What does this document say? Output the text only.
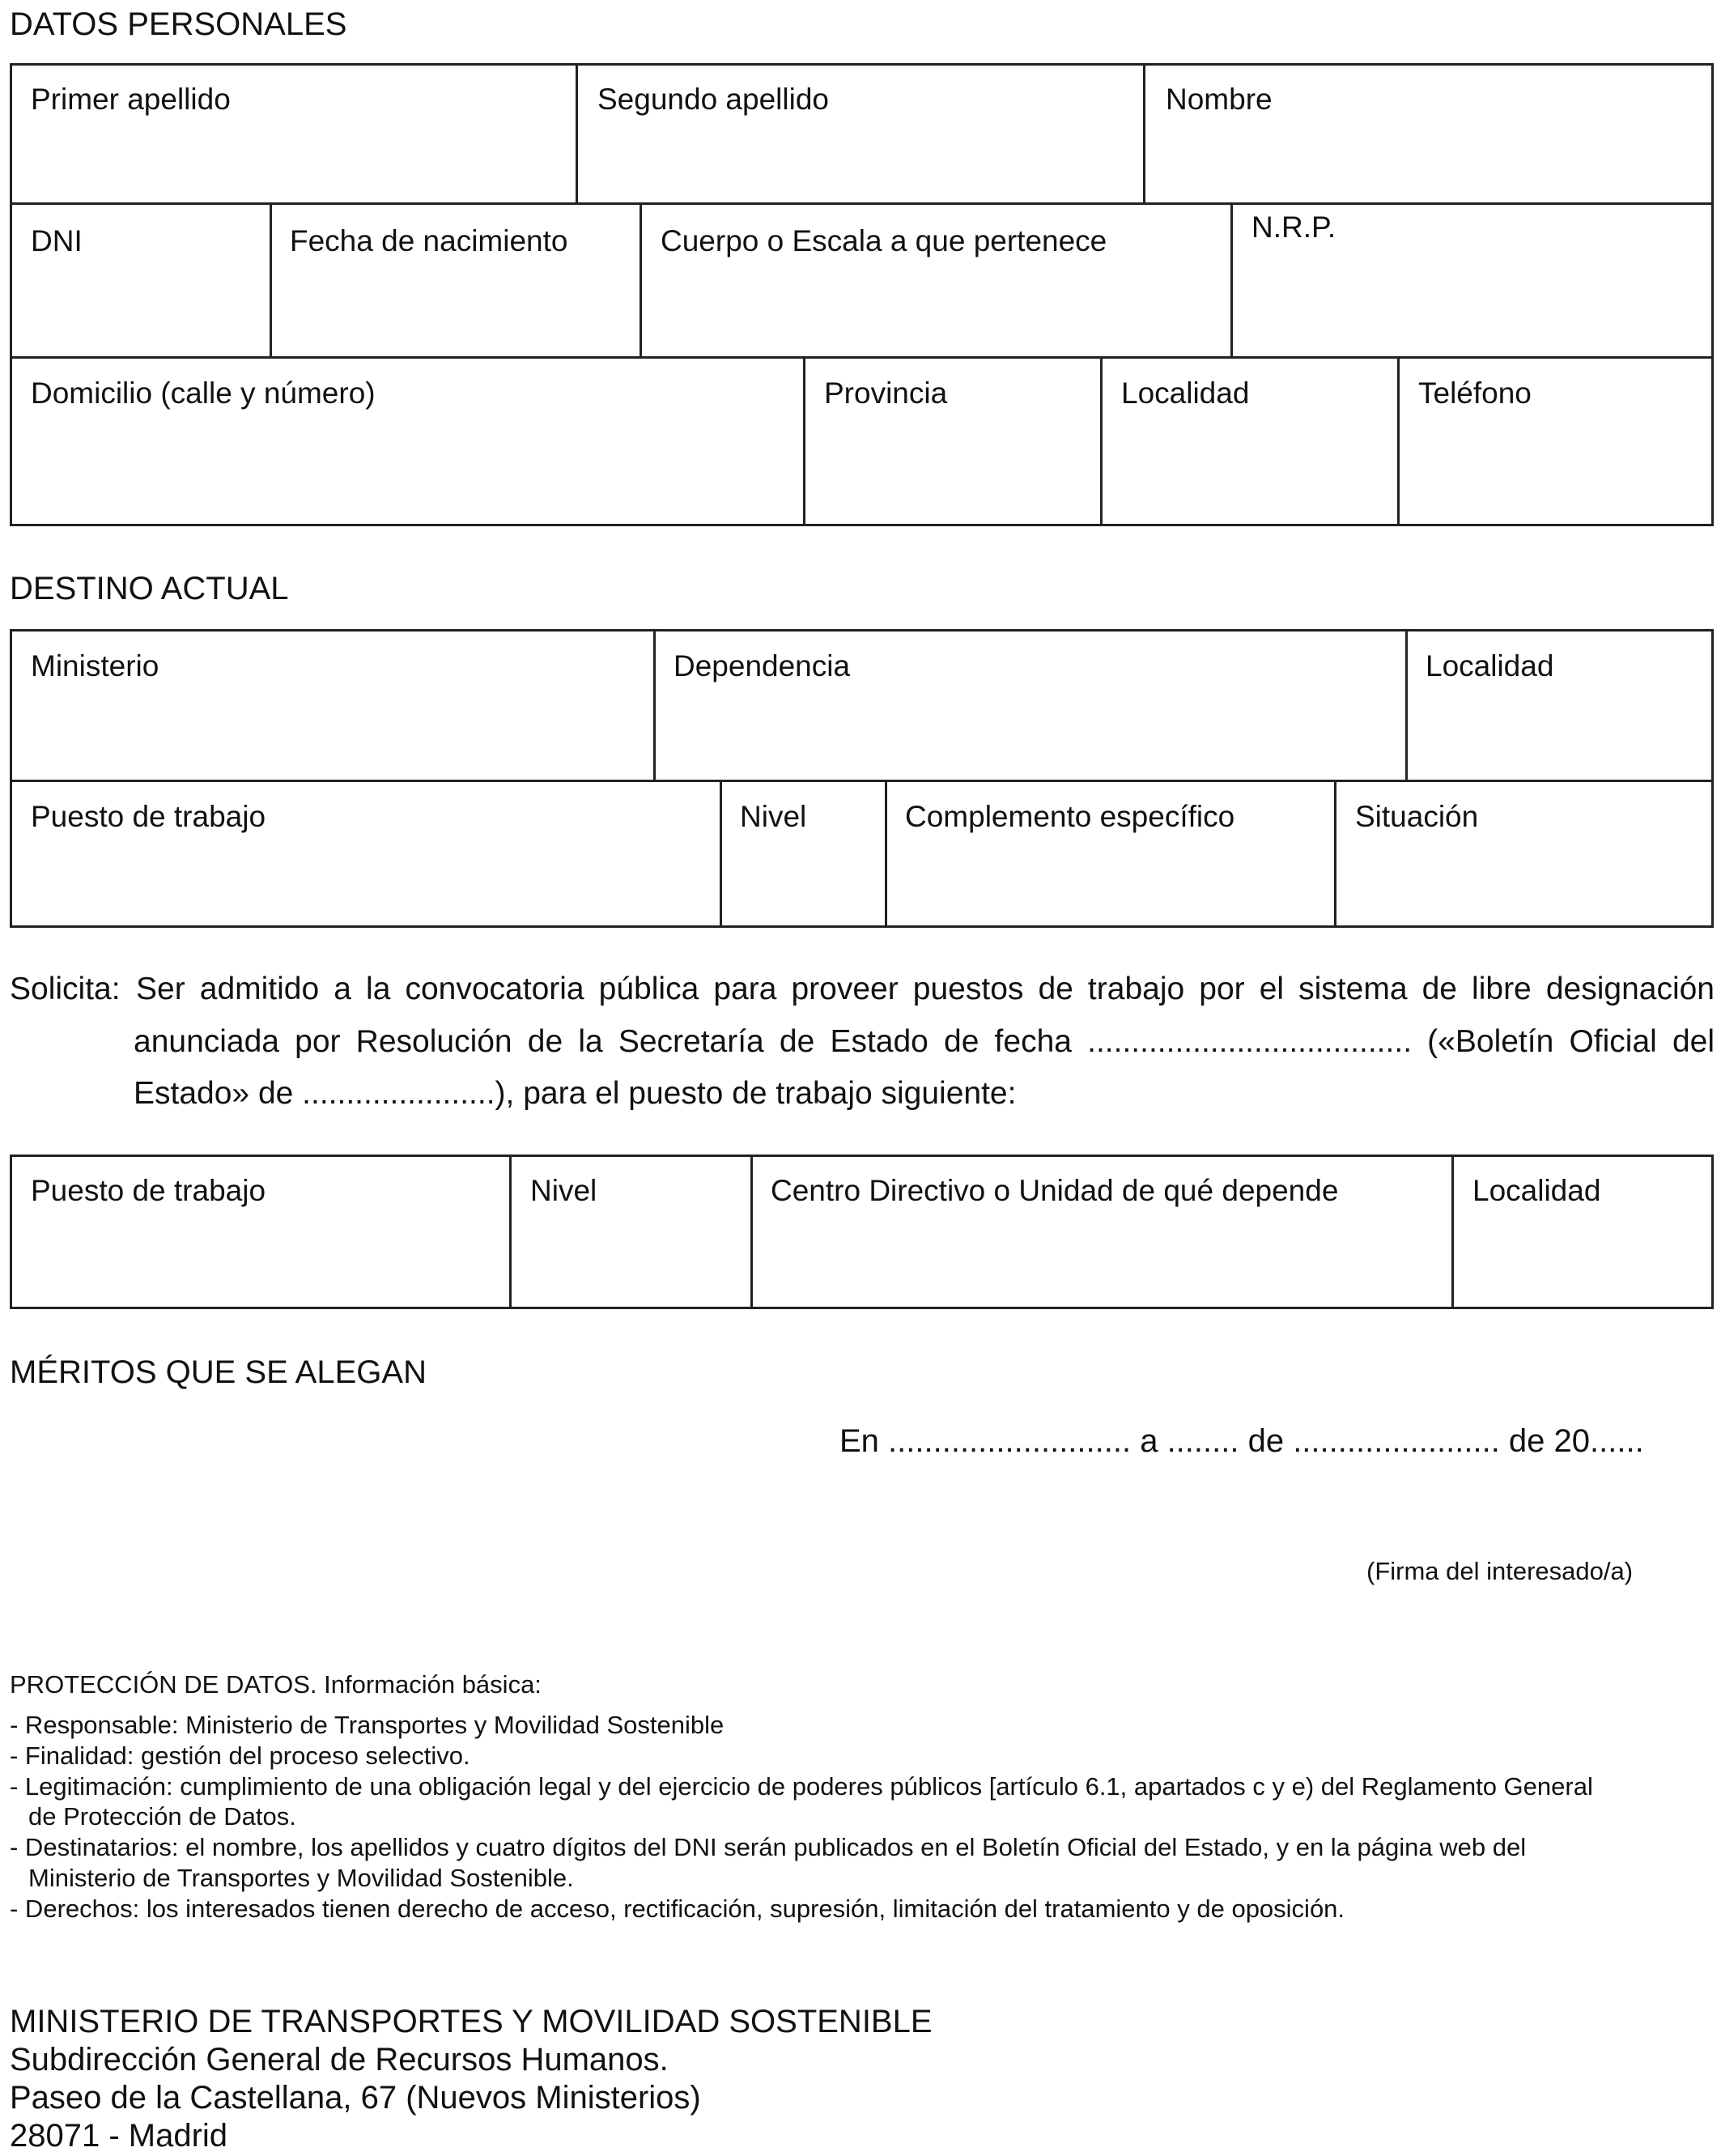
DATOS PERSONALES
Primer apellido	Segundo apellido	Nombre
DNI	Fecha de nacimiento	Cuerpo o Escala a que pertenece	N.R.P.
Domicilio (calle y número)	Provincia	Localidad	Teléfono
DESTINO ACTUAL
Ministerio	Dependencia	Localidad
Puesto de trabajo	Nivel	Complemento específico	Situación
Solicita: Ser admitido a la convocatoria pública para proveer puestos de trabajo por el sistema de libre designación
anunciada por Resolución de la Secretaría de Estado de fecha ..................................... («Boletín Oficial del
Estado» de ......................), para el puesto de trabajo siguiente:
Puesto de trabajo	Nivel	Centro Directivo o Unidad de qué depende	Localidad
MÉRITOS QUE SE ALEGAN
En ........................... a ........ de ....................... de 20......
(Firma del interesado/a)
PROTECCIÓN DE DATOS. Información básica:
- Responsable: Ministerio de Transportes y Movilidad Sostenible
- Finalidad: gestión del proceso selectivo.
- Legitimación: cumplimiento de una obligación legal y del ejercicio de poderes públicos [artículo 6.1, apartados c y e) del Reglamento General
de Protección de Datos.
- Destinatarios: el nombre, los apellidos y cuatro dígitos del DNI serán publicados en el Boletín Oficial del Estado, y en la página web del
Ministerio de Transportes y Movilidad Sostenible.
- Derechos: los interesados tienen derecho de acceso, rectificación, supresión, limitación del tratamiento y de oposición.
MINISTERIO DE TRANSPORTES Y MOVILIDAD SOSTENIBLE
Subdirección General de Recursos Humanos.
Paseo de la Castellana, 67 (Nuevos Ministerios)
28071 - Madrid
